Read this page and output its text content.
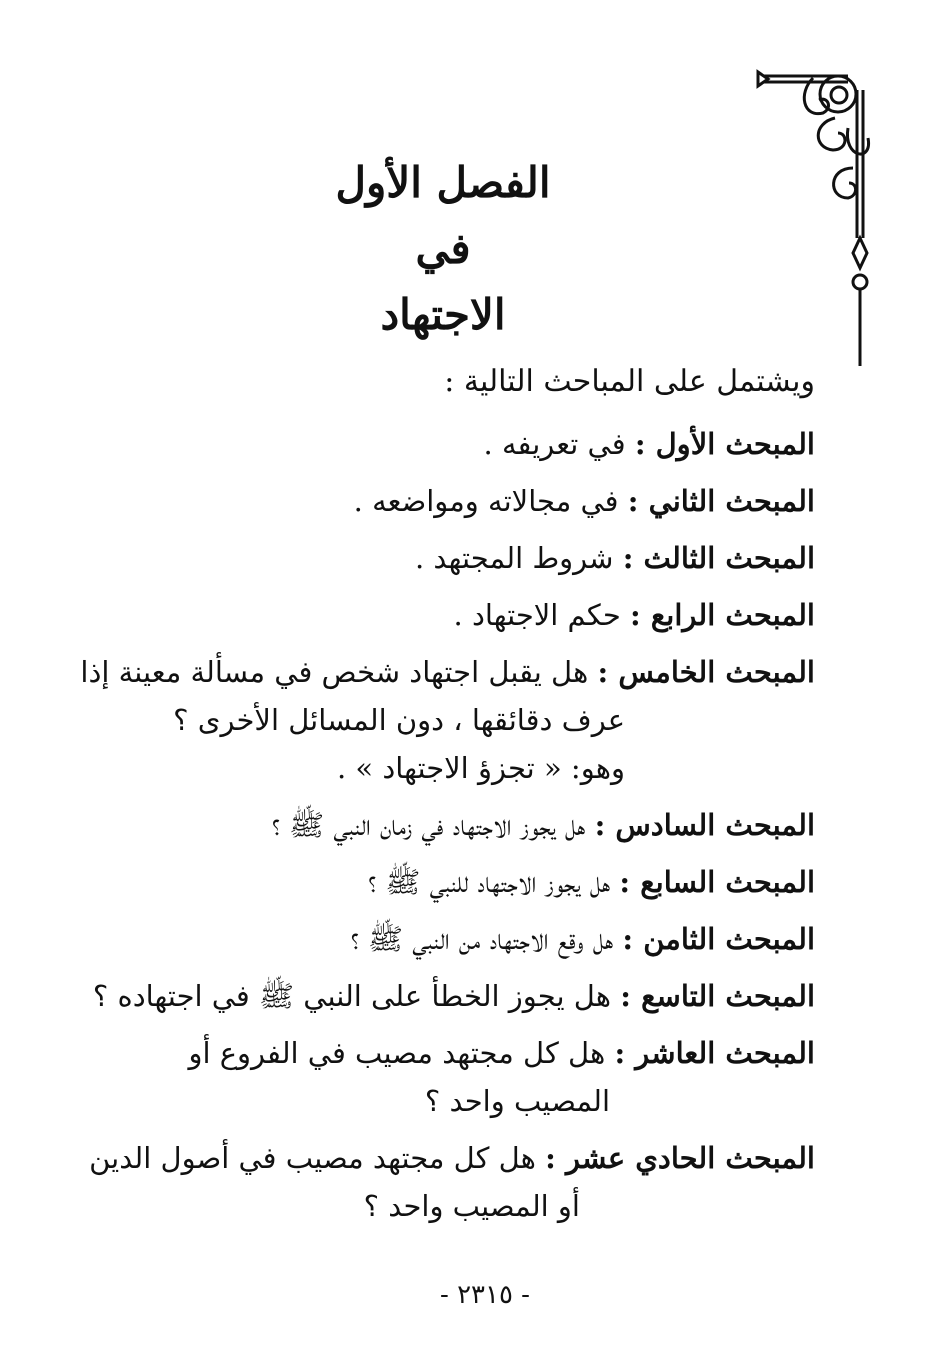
الفصل الأول
في
الاجتهاد
ويشتمل على المباحث التالية :
المبحث الأول : في تعريفه .
المبحث الثاني : في مجالاته ومواضعه .
المبحث الثالث : شروط المجتهد .
المبحث الرابع : حكم الاجتهاد .
المبحث الخامس : هل يقبل اجتهاد شخص في مسألة معينة إذا
عرف دقائقها ، دون المسائل الأخرى ؟
وهو: « تجزؤ الاجتهاد » .
المبحث السادس : هل يجوز الاجتهاد في زمان النبي ﷺ ؟
المبحث السابع : هل يجوز الاجتهاد للنبي ﷺ ؟
المبحث الثامن : هل وقع الاجتهاد من النبي ﷺ ؟
المبحث التاسع : هل يجوز الخطأ على النبي ﷺ في اجتهاده ؟
المبحث العاشر : هل كل مجتهد مصيب في الفروع أو
المصيب واحد ؟
المبحث الحادي عشر : هل كل مجتهد مصيب في أصول الدين
أو المصيب واحد ؟
- ٢٣١٥ -
